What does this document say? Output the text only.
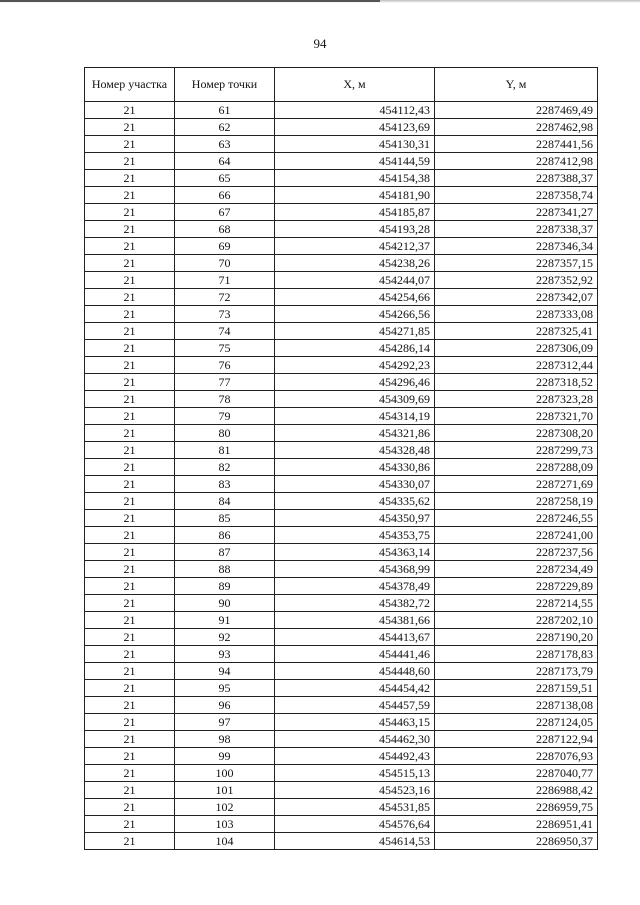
94
Номер участка	Номер точки	X, м	Y, м
21	61	454112,43	2287469,49
21	62	454123,69	2287462,98
21	63	454130,31	2287441,56
21	64	454144,59	2287412,98
21	65	454154,38	2287388,37
21	66	454181,90	2287358,74
21	67	454185,87	2287341,27
21	68	454193,28	2287338,37
21	69	454212,37	2287346,34
21	70	454238,26	2287357,15
21	71	454244,07	2287352,92
21	72	454254,66	2287342,07
21	73	454266,56	2287333,08
21	74	454271,85	2287325,41
21	75	454286,14	2287306,09
21	76	454292,23	2287312,44
21	77	454296,46	2287318,52
21	78	454309,69	2287323,28
21	79	454314,19	2287321,70
21	80	454321,86	2287308,20
21	81	454328,48	2287299,73
21	82	454330,86	2287288,09
21	83	454330,07	2287271,69
21	84	454335,62	2287258,19
21	85	454350,97	2287246,55
21	86	454353,75	2287241,00
21	87	454363,14	2287237,56
21	88	454368,99	2287234,49
21	89	454378,49	2287229,89
21	90	454382,72	2287214,55
21	91	454381,66	2287202,10
21	92	454413,67	2287190,20
21	93	454441,46	2287178,83
21	94	454448,60	2287173,79
21	95	454454,42	2287159,51
21	96	454457,59	2287138,08
21	97	454463,15	2287124,05
21	98	454462,30	2287122,94
21	99	454492,43	2287076,93
21	100	454515,13	2287040,77
21	101	454523,16	2286988,42
21	102	454531,85	2286959,75
21	103	454576,64	2286951,41
21	104	454614,53	2286950,37
